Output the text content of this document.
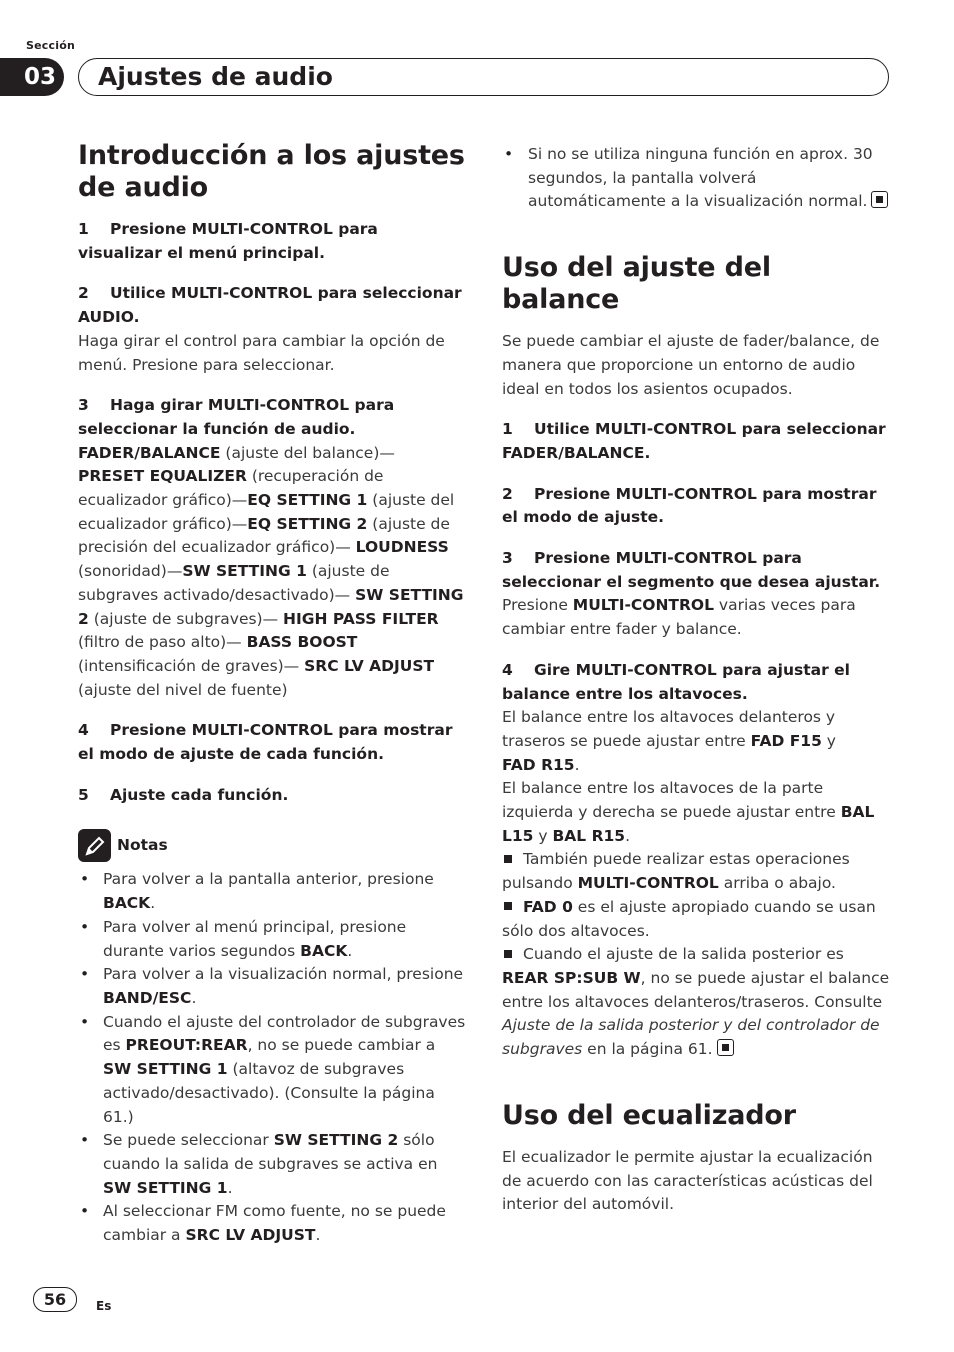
Sección
03	Ajustes de audio
Introducción a los ajustes de audio

1 Presione MULTI-CONTROL para visualizar el menú principal.

2 Utilice MULTI-CONTROL para seleccionar AUDIO.

Haga girar el control para cambiar la opción de menú. Presione para seleccionar.

3 Haga girar MULTI-CONTROL para seleccionar la función de audio.

FADER/BALANCE (ajuste del balance)— PRESET EQUALIZER (recuperación de ecualizador gráfico)—EQ SETTING 1 (ajuste del ecualizador gráfico)—EQ SETTING 2 (ajuste de precisión del ecualizador gráfico)— LOUDNESS (sonoridad)—SW SETTING 1 (ajuste de subgraves activado/desactivado)— SW SETTING 2 (ajuste de subgraves)— HIGH PASS FILTER (filtro de paso alto)— BASS BOOST (intensificación de graves)— SRC LV ADJUST (ajuste del nivel de fuente)

4 Presione MULTI-CONTROL para mostrar el modo de ajuste de cada función.

5 Ajuste cada función.

Notas
• Para volver a la pantalla anterior, presione BACK.
• Para volver al menú principal, presione durante varios segundos BACK.
• Para volver a la visualización normal, presione BAND/ESC.
• Cuando el ajuste del controlador de subgraves es PREOUT:REAR, no se puede cambiar a SW SETTING 1 (altavoz de subgraves activado/desactivado). (Consulte la página 61.)
• Se puede seleccionar SW SETTING 2 sólo cuando la salida de subgraves se activa en SW SETTING 1.
• Al seleccionar FM como fuente, no se puede cambiar a SRC LV ADJUST.
• Si no se utiliza ninguna función en aprox. 30 segundos, la pantalla volverá automáticamente a la visualización normal.
Uso del ajuste del balance

Se puede cambiar el ajuste de fader/balance, de manera que proporcione un entorno de audio ideal en todos los asientos ocupados.

1 Utilice MULTI-CONTROL para seleccionar FADER/BALANCE.

2 Presione MULTI-CONTROL para mostrar el modo de ajuste.

3 Presione MULTI-CONTROL para seleccionar el segmento que desea ajustar.

Presione MULTI-CONTROL varias veces para cambiar entre fader y balance.

4 Gire MULTI-CONTROL para ajustar el balance entre los altavoces.

El balance entre los altavoces delanteros y traseros se puede ajustar entre FAD F15 y
FAD R15.

El balance entre los altavoces de la parte izquierda y derecha se puede ajustar entre BAL L15 y BAL R15.

También puede realizar estas operaciones pulsando MULTI-CONTROL arriba o abajo.

FAD 0 es el ajuste apropiado cuando se usan sólo dos altavoces.

Cuando el ajuste de la salida posterior es REAR SP:SUB W, no se puede ajustar el balance entre los altavoces delanteros/traseros. Consulte Ajuste de la salida posterior y del controlador de subgraves en la página 61.

Uso del ecualizador

El ecualizador le permite ajustar la ecualización de acuerdo con las características acústicas del interior del automóvil.

56	Es
